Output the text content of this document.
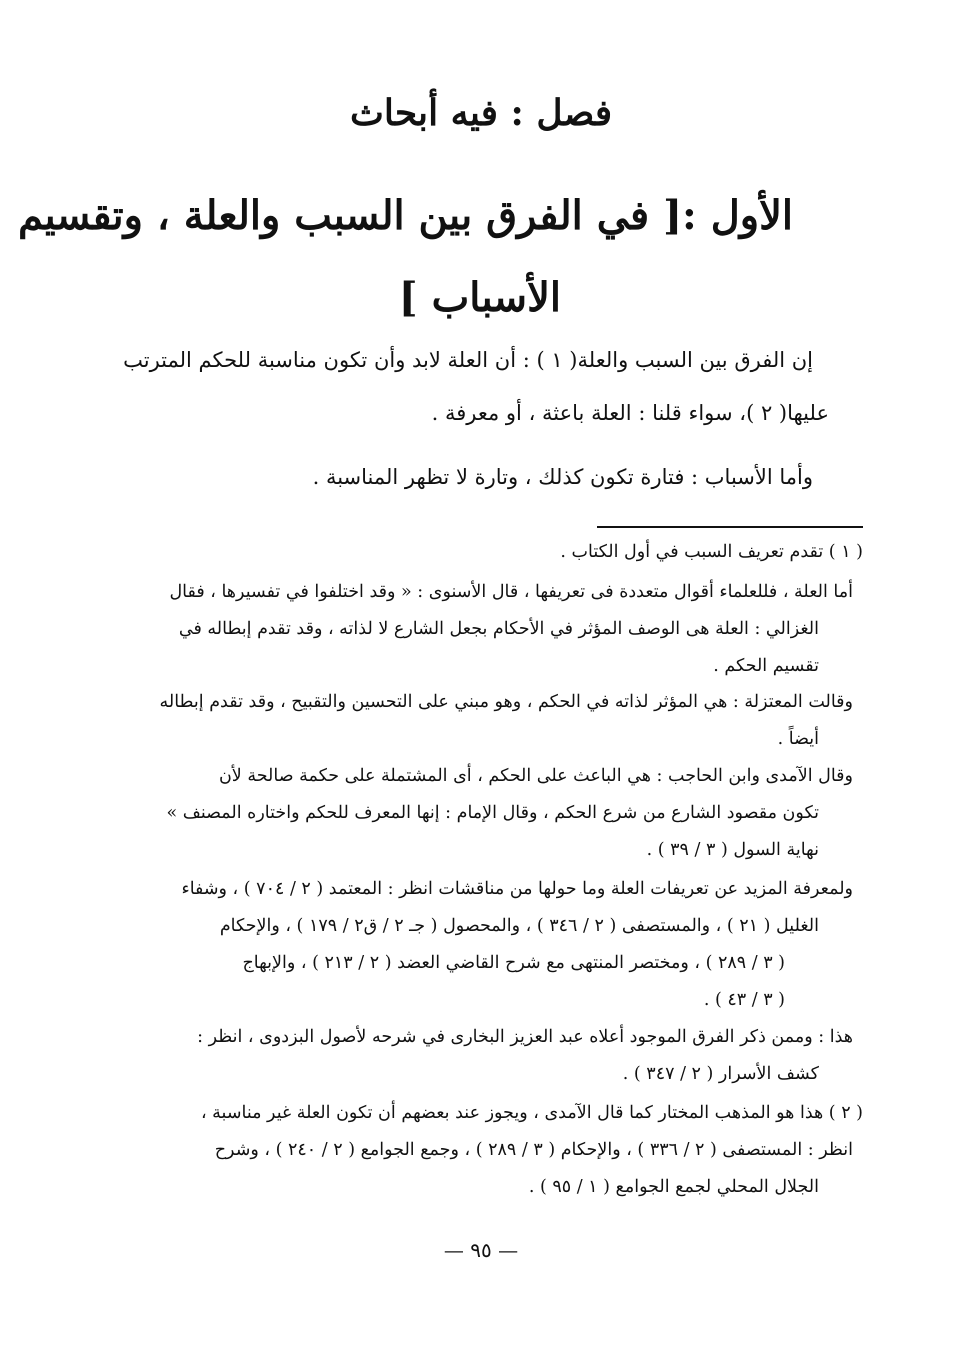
فصل : فيه أبحاث
الأول :[ في الفرق بين السبب والعلة ، وتقسيم
الأسباب ]
إن الفرق بين السبب والعلة( ١ ) : أن العلة لابد وأن تكون مناسبة للحكم المترتب
عليها( ٢ )، سواء قلنا : العلة باعثة ، أو معرفة .
وأما الأسباب : فتارة تكون كذلك ، وتارة لا تظهر المناسبة .
( ١ ) تقدم تعريف السبب في أول الكتاب .
أما العلة ، فللعلماء أقوال متعددة فى تعريفها ، قال الأسنوى : « وقد اختلفوا في تفسيرها ، فقال
الغزالي : العلة هى الوصف المؤثر في الأحكام بجعل الشارع لا لذاته ، وقد تقدم إبطاله في
تقسيم الحكم .
وقالت المعتزلة : هي المؤثر لذاته في الحكم ، وهو مبني على التحسين والتقبيح ، وقد تقدم إبطاله
أيضاً .
وقال الآمدى وابن الحاجب : هي الباعث على الحكم ، أى المشتملة على حكمة صالحة لأن
تكون مقصود الشارع من شرع الحكم ، وقال الإمام : إنها المعرف للحكم واختاره المصنف »
نهاية السول ( ٣ / ٣٩ ) .
ولمعرفة المزيد عن تعريفات العلة وما حولها من مناقشات انظر : المعتمد ( ٢ / ٧٠٤ ) ، وشفاء
الغليل ( ٢١ ) ، والمستصفى ( ٢ / ٣٤٦ ) ، والمحصول ( جـ ٢ / ق٢ / ١٧٩ ) ، والإحكام
( ٣ / ٢٨٩ ) ، ومختصر المنتهى مع شرح القاضي العضد ( ٢ / ٢١٣ ) ، والإبهاج
( ٣ / ٤٣ ) .
هذا : وممن ذكر الفرق الموجود أعلاه عبد العزيز البخارى في شرحه لأصول البزدوى ، انظر :
كشف الأسرار ( ٢ / ٣٤٧ ) .
( ٢ ) هذا هو المذهب المختار كما قال الآمدى ، ويجوز عند بعضهم أن تكون العلة غير مناسبة ،
انظر : المستصفى ( ٢ / ٣٣٦ ) ، والإحكام ( ٣ / ٢٨٩ ) ، وجمع الجوامع ( ٢ / ٢٤٠ ) ، وشرح
الجلال المحلي لجمع الجوامع ( ١ / ٩٥ ) .
— ٩٥ —
